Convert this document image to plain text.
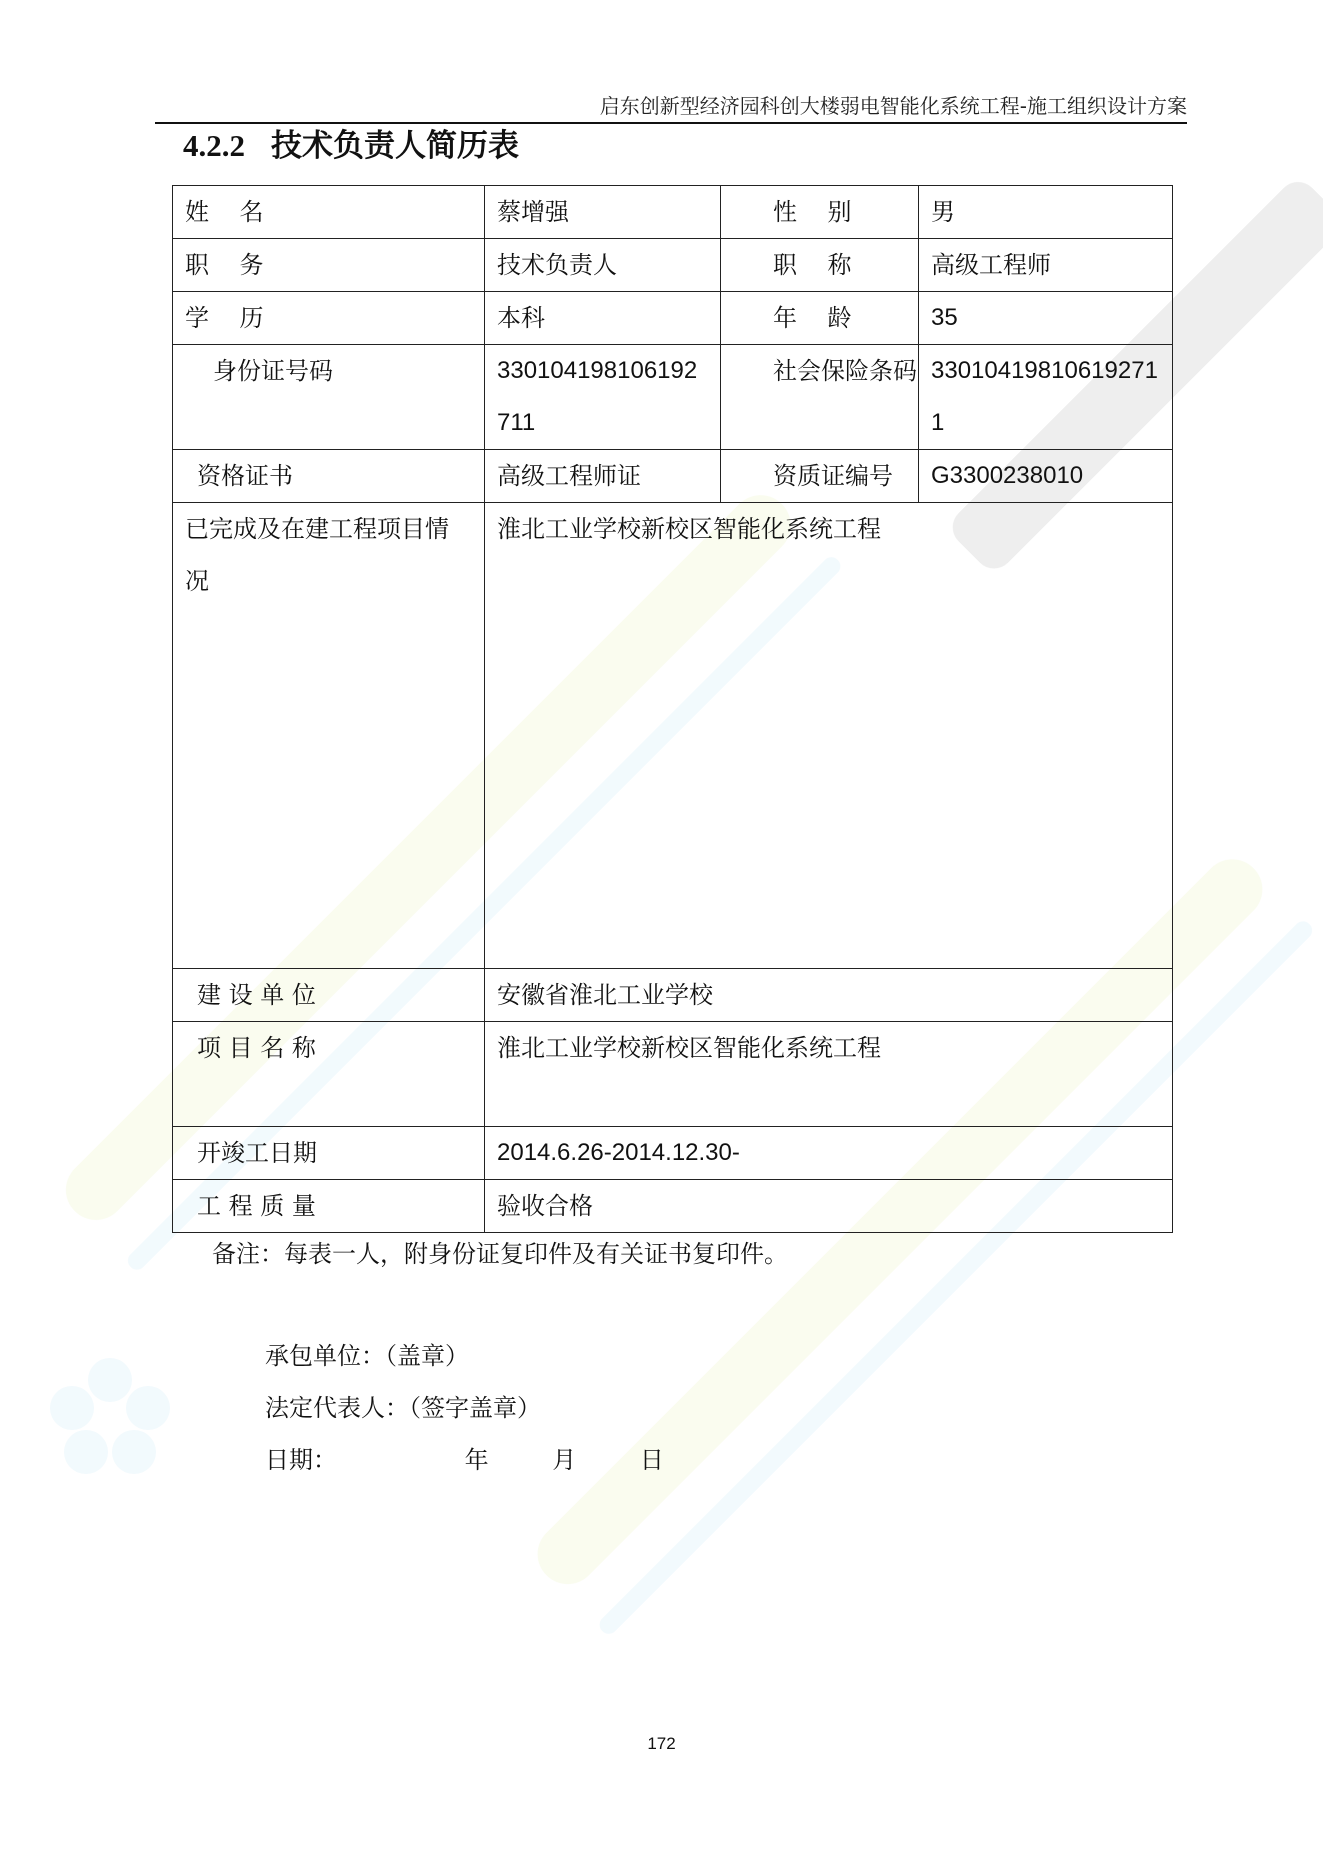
启东创新型经济园科创大楼弱电智能化系统工程-施工组织设计方案
4.2.2 技术负责人简历表
姓    名	蔡增强	性    别	男
职    务	技术负责人	职    称	高级工程师
学    历	本科	年    龄	35
身份证号码	330104198106192711	社会保险条码	330104198106192711
资格证书	高级工程师证	资质证编号	G3300238010
已完成及在建工程项目情况	淮北工业学校新校区智能化系统工程		
建 设 单 位	安徽省淮北工业学校		
项 目 名 称	淮北工业学校新校区智能化系统工程		
开竣工日期	2014.6.26-2014.12.30-		
工 程 质 量	验收合格		
备注：每表一人，附身份证复印件及有关证书复印件。
承包单位：（盖章）
法定代表人：（签字盖章）
日期：	年	月	日
172
